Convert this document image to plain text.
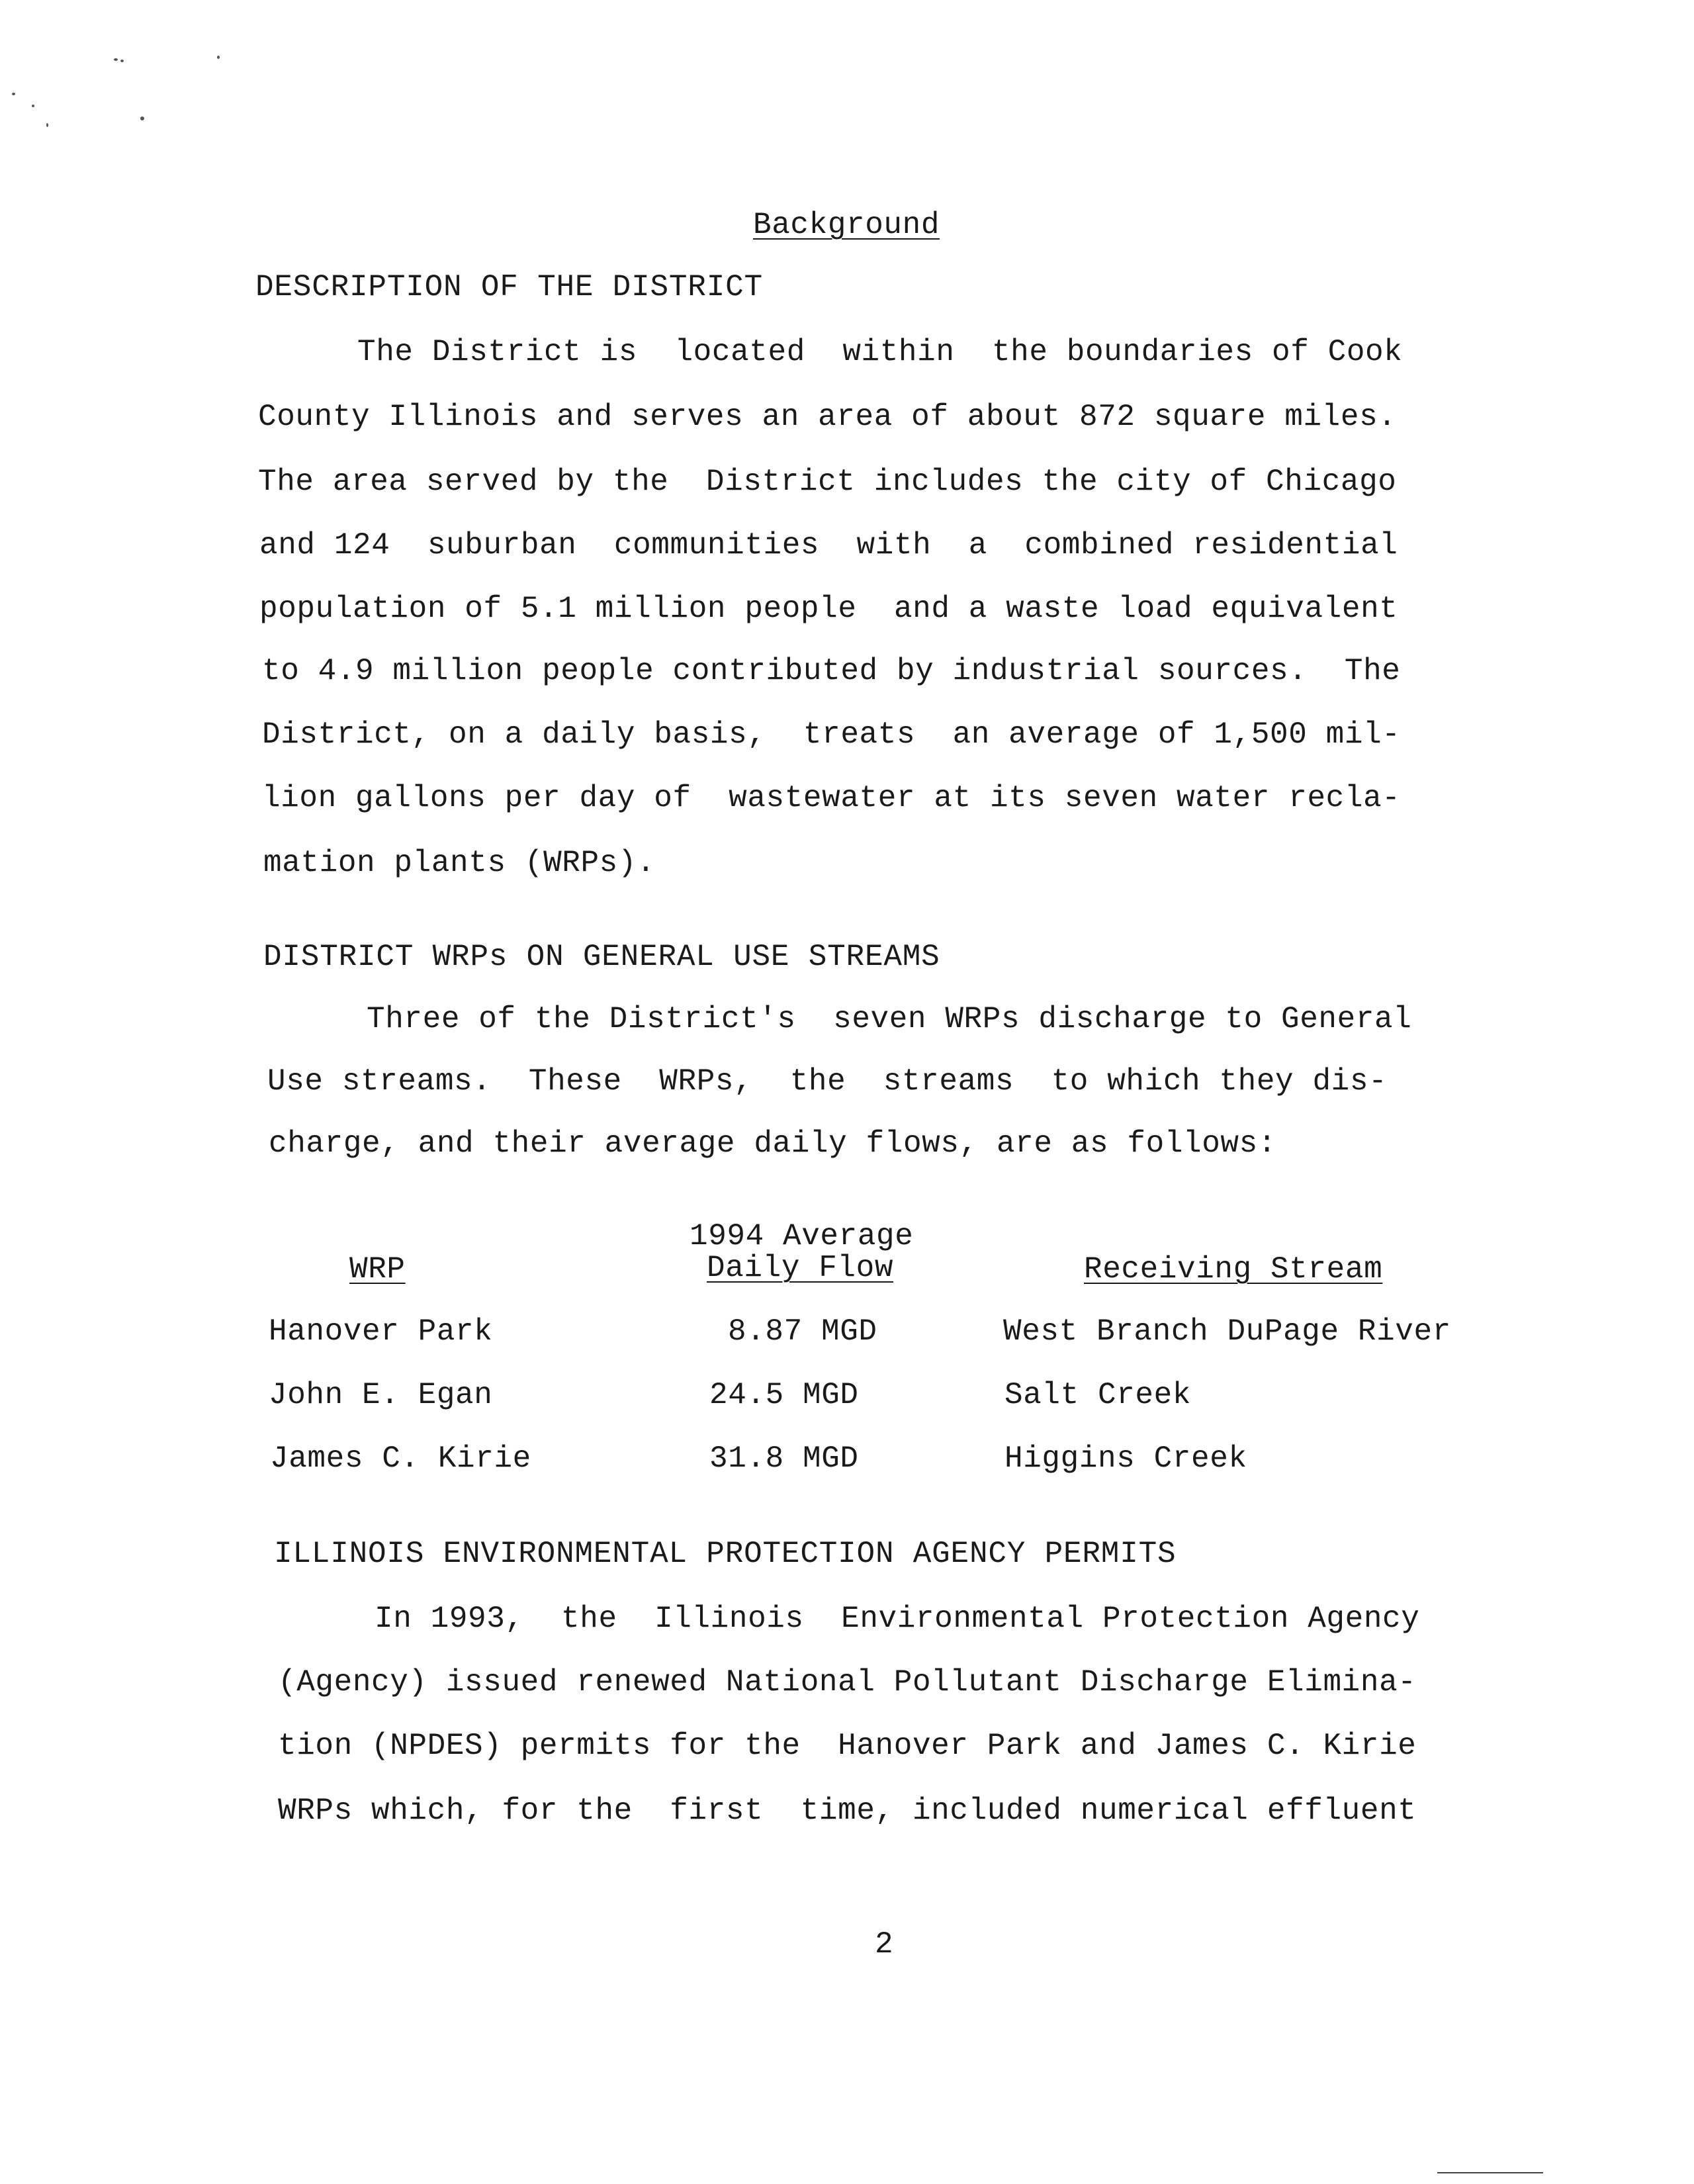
Background
DESCRIPTION OF THE DISTRICT
The District is  located  within  the boundaries of Cook
County Illinois and serves an area of about 872 square miles.
The area served by the  District includes the city of Chicago
and 124  suburban  communities  with  a  combined residential
population of 5.1 million people  and a waste load equivalent
to 4.9 million people contributed by industrial sources.  The
District, on a daily basis,  treats  an average of 1,500 mil-
lion gallons per day of  wastewater at its seven water recla-
mation plants (WRPs).
DISTRICT WRPs ON GENERAL USE STREAMS
Three of the District's  seven WRPs discharge to General
Use streams.  These  WRPs,  the  streams  to which they dis-
charge, and their average daily flows, are as follows:
1994 Average
WRP	Daily Flow	Receiving Stream
Hanover Park	8.87 MGD	West Branch DuPage River
John E. Egan	24.5 MGD	Salt Creek
James C. Kirie	31.8 MGD	Higgins Creek
ILLINOIS ENVIRONMENTAL PROTECTION AGENCY PERMITS
In 1993,  the  Illinois  Environmental Protection Agency
(Agency) issued renewed National Pollutant Discharge Elimina-
tion (NPDES) permits for the  Hanover Park and James C. Kirie
WRPs which, for the  first  time, included numerical effluent
2
